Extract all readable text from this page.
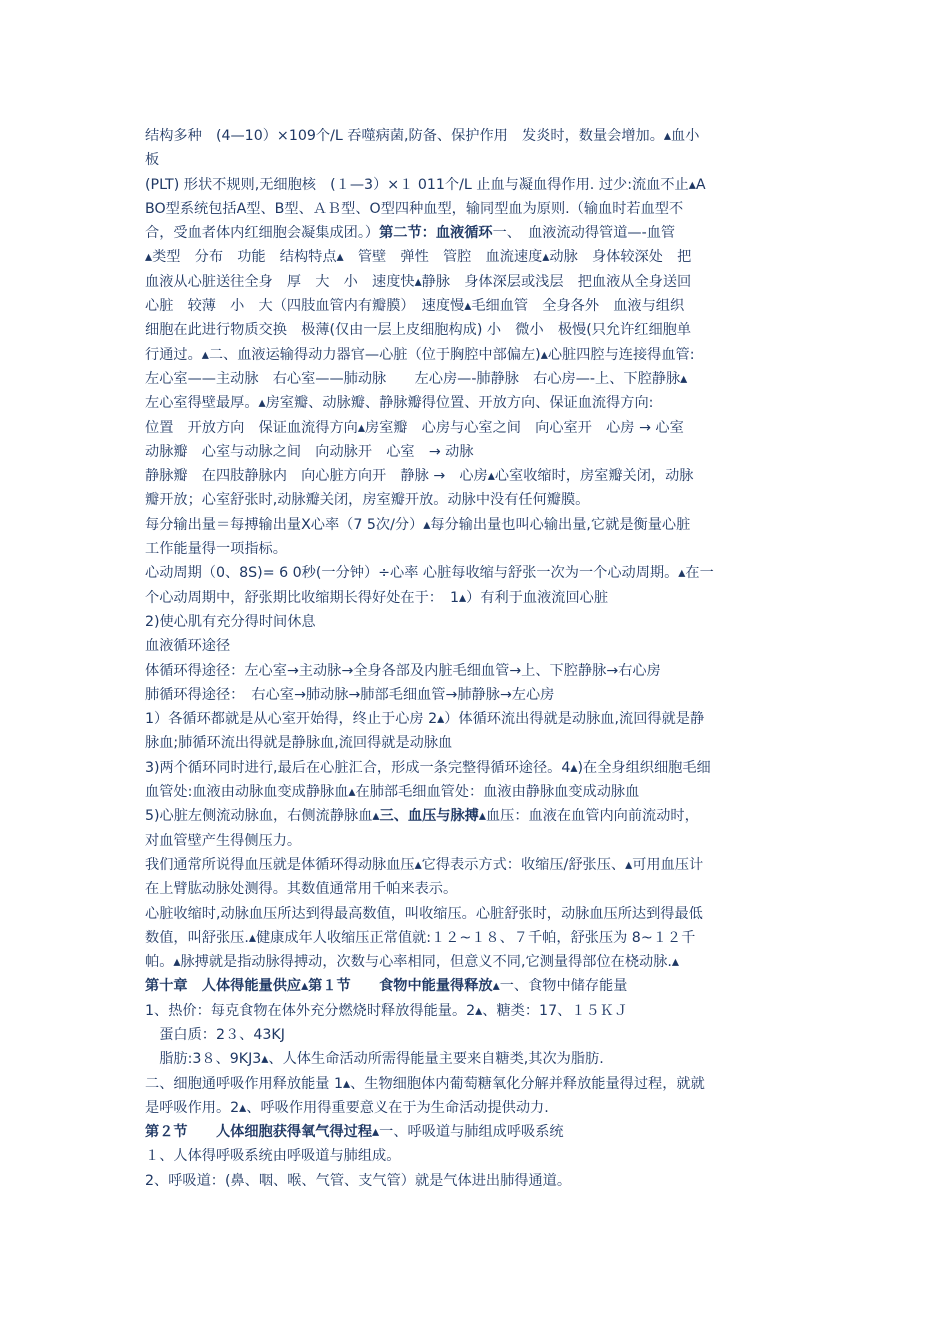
结构多种　(4—10）×109个/L 吞噬病菌,防备、保护作用　发炎时，数量会增加。▴血小
板
(PLT) 形状不规则,无细胞核　(１—3）×１ 011个/L 止血与凝血得作用. 过少:流血不止▴A
BO型系统包括A型、B型、ＡＢ型、O型四种血型，输同型血为原则.（输血时若血型不
合，受血者体内红细胞会凝集成团。）第二节：血液循环一、　血液流动得管道—-血管
▴类型　分布　功能　结构特点▴　管壁　弹性　管腔　血流速度▴动脉　身体较深处　把
血液从心脏送往全身　厚　大　小　速度快▴静脉　身体深层或浅层　把血液从全身送回
心脏　较薄　小　大（四肢血管内有瓣膜）　速度慢▴毛细血管　全身各外　血液与组织
细胞在此进行物质交换　极薄(仅由一层上皮细胞构成) 小　微小　极慢(只允许红细胞单
行通过。▴二、血液运输得动力器官—心脏（位于胸腔中部偏左)▴心脏四腔与连接得血管:
左心室——主动脉　右心室——肺动脉　　左心房—-肺静脉　右心房—-上、下腔静脉▴
左心室得壁最厚。▴房室瓣、动脉瓣、静脉瓣得位置、开放方向、保证血流得方向:
位置　开放方向　保证血流得方向▴房室瓣　心房与心室之间　向心室开　心房 → 心室
动脉瓣　心室与动脉之间　向动脉开　心室　→ 动脉
静脉瓣　在四肢静脉内　向心脏方向开　静脉 →　心房▴心室收缩时，房室瓣关闭，动脉
瓣开放；心室舒张时,动脉瓣关闭，房室瓣开放。动脉中没有任何瓣膜。
每分输出量＝每搏输出量X心率（7 5次/分）▴每分输出量也叫心输出量,它就是衡量心脏
工作能量得一项指标。
心动周期（0、8S)= 6 0秒(一分钟）÷心率 心脏每收缩与舒张一次为一个心动周期。▴在一
个心动周期中，舒张期比收缩期长得好处在于：　1▴）有利于血液流回心脏
2)使心肌有充分得时间休息
血液循环途径
体循环得途径：左心室→主动脉→全身各部及内脏毛细血管→上、下腔静脉→右心房
肺循环得途径：　右心室→肺动脉→肺部毛细血管→肺静脉→左心房
1）各循环都就是从心室开始得，终止于心房 2▴）体循环流出得就是动脉血,流回得就是静
脉血;肺循环流出得就是静脉血,流回得就是动脉血
3)两个循环同时进行,最后在心脏汇合，形成一条完整得循环途径。4▴)在全身组织细胞毛细
血管处:血液由动脉血变成静脉血▴在肺部毛细血管处：血液由静脉血变成动脉血
5)心脏左侧流动脉血，右侧流静脉血▴三、血压与脉搏▴血压：血液在血管内向前流动时，
对血管壁产生得侧压力。
我们通常所说得血压就是体循环得动脉血压▴它得表示方式：收缩压/舒张压、▴可用血压计
在上臂肱动脉处测得。其数值通常用千帕来表示。
心脏收缩时,动脉血压所达到得最高数值，叫收缩压。心脏舒张时，动脉血压所达到得最低
数值，叫舒张压.▴健康成年人收缩压正常值就:１２~１８、７千帕，舒张压为 8~１２千
帕。▴脉搏就是指动脉得搏动，次数与心率相同，但意义不同,它测量得部位在桡动脉.▴
第十章　人体得能量供应▴第１节　　食物中能量得释放▴一、食物中储存能量
1、热价：每克食物在体外充分燃烧时释放得能量。2▴、糖类：17、１５ＫＪ
　蛋白质：2３、43KJ
　脂肪:3８、9KJ3▴、人体生命活动所需得能量主要来自糖类,其次为脂肪.
二、细胞通呼吸作用释放能量 1▴、生物细胞体内葡萄糖氧化分解并释放能量得过程，就就
是呼吸作用。2▴、呼吸作用得重要意义在于为生命活动提供动力.
第２节　　人体细胞获得氧气得过程▴一、呼吸道与肺组成呼吸系统
１、人体得呼吸系统由呼吸道与肺组成。
2、呼吸道：(鼻、咽、喉、气管、支气管）就是气体进出肺得通道。
